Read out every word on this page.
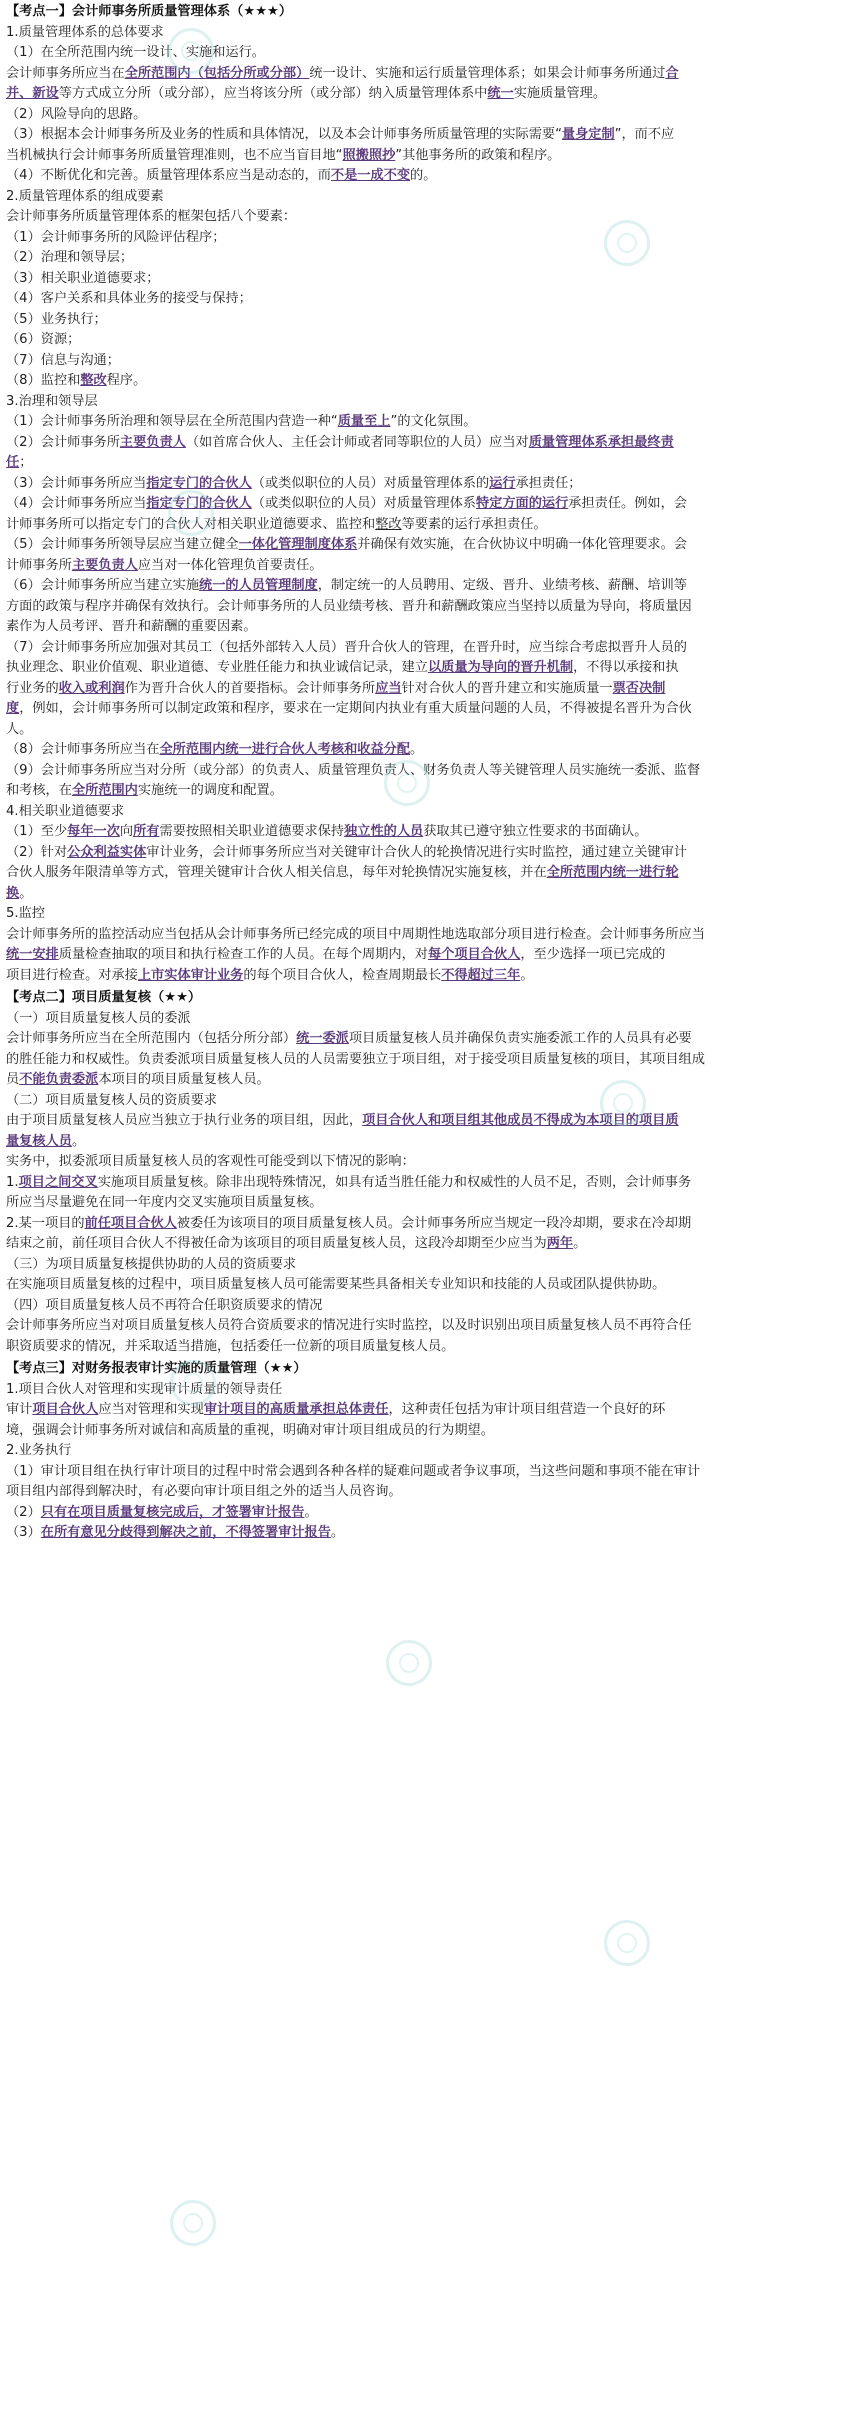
【考点一】会计师事务所质量管理体系（★★★）

1.质量管理体系的总体要求

（1）在全所范围内统一设计、实施和运行。

会计师事务所应当在全所范围内（包括分所或分部）统一设计、实施和运行质量管理体系；如果会计师事务所通过合

并、新设等方式成立分所（或分部），应当将该分所（或分部）纳入质量管理体系中统一实施质量管理。

（2）风险导向的思路。

（3）根据本会计师事务所及业务的性质和具体情况，以及本会计师事务所质量管理的实际需要“量身定制”，而不应

当机械执行会计师事务所质量管理准则，也不应当盲目地“照搬照抄”其他事务所的政策和程序。

（4）不断优化和完善。质量管理体系应当是动态的，而不是一成不变的。

2.质量管理体系的组成要素

会计师事务所质量管理体系的框架包括八个要素：

（1）会计师事务所的风险评估程序；

（2）治理和领导层；

（3）相关职业道德要求；

（4）客户关系和具体业务的接受与保持；

（5）业务执行；

（6）资源；

（7）信息与沟通；

（8）监控和整改程序。

3.治理和领导层

（1）会计师事务所治理和领导层在全所范围内营造一种“质量至上”的文化氛围。

（2）会计师事务所主要负责人（如首席合伙人、主任会计师或者同等职位的人员）应当对质量管理体系承担最终责

任；

（3）会计师事务所应当指定专门的合伙人（或类似职位的人员）对质量管理体系的运行承担责任；

（4）会计师事务所应当指定专门的合伙人（或类似职位的人员）对质量管理体系特定方面的运行承担责任。例如，会

计师事务所可以指定专门的合伙人对相关职业道德要求、监控和整改等要素的运行承担责任。

（5）会计师事务所领导层应当建立健全一体化管理制度体系并确保有效实施，在合伙协议中明确一体化管理要求。会

计师事务所主要负责人应当对一体化管理负首要责任。

（6）会计师事务所应当建立实施统一的人员管理制度，制定统一的人员聘用、定级、晋升、业绩考核、薪酬、培训等

方面的政策与程序并确保有效执行。会计师事务所的人员业绩考核、晋升和薪酬政策应当坚持以质量为导向，将质量因

素作为人员考评、晋升和薪酬的重要因素。

（7）会计师事务所应加强对其员工（包括外部转入人员）晋升合伙人的管理，在晋升时，应当综合考虑拟晋升人员的

执业理念、职业价值观、职业道德、专业胜任能力和执业诚信记录，建立以质量为导向的晋升机制，不得以承接和执

行业务的收入或利润作为晋升合伙人的首要指标。会计师事务所应当针对合伙人的晋升建立和实施质量一票否决制

度，例如，会计师事务所可以制定政策和程序，要求在一定期间内执业有重大质量问题的人员，不得被提名晋升为合伙

人。

（8）会计师事务所应当在全所范围内统一进行合伙人考核和收益分配。

（9）会计师事务所应当对分所（或分部）的负责人、质量管理负责人、财务负责人等关键管理人员实施统一委派、监督

和考核，在全所范围内实施统一的调度和配置。

4.相关职业道德要求

（1）至少每年一次向所有需要按照相关职业道德要求保持独立性的人员获取其已遵守独立性要求的书面确认。

（2）针对公众利益实体审计业务，会计师事务所应当对关键审计合伙人的轮换情况进行实时监控，通过建立关键审计

合伙人服务年限清单等方式，管理关键审计合伙人相关信息，每年对轮换情况实施复核，并在全所范围内统一进行轮

换。

5.监控

会计师事务所的监控活动应当包括从会计师事务所已经完成的项目中周期性地选取部分项目进行检查。会计师事务所应当

统一安排质量检查抽取的项目和执行检查工作的人员。在每个周期内，对每个项目合伙人，至少选择一项已完成的

项目进行检查。对承接上市实体审计业务的每个项目合伙人，检查周期最长不得超过三年。

【考点二】项目质量复核（★★）

（一）项目质量复核人员的委派

会计师事务所应当在全所范围内（包括分所分部）统一委派项目质量复核人员并确保负责实施委派工作的人员具有必要

的胜任能力和权威性。负责委派项目质量复核人员的人员需要独立于项目组，对于接受项目质量复核的项目，其项目组成

员不能负责委派本项目的项目质量复核人员。

（二）项目质量复核人员的资质要求

由于项目质量复核人员应当独立于执行业务的项目组，因此，项目合伙人和项目组其他成员不得成为本项目的项目质

量复核人员。

实务中，拟委派项目质量复核人员的客观性可能受到以下情况的影响：

1.项目之间交叉实施项目质量复核。除非出现特殊情况，如具有适当胜任能力和权威性的人员不足，否则，会计师事务

所应当尽量避免在同一年度内交叉实施项目质量复核。

2.某一项目的前任项目合伙人被委任为该项目的项目质量复核人员。会计师事务所应当规定一段冷却期，要求在冷却期

结束之前，前任项目合伙人不得被任命为该项目的项目质量复核人员，这段冷却期至少应当为两年。

（三）为项目质量复核提供协助的人员的资质要求

在实施项目质量复核的过程中，项目质量复核人员可能需要某些具备相关专业知识和技能的人员或团队提供协助。

（四）项目质量复核人员不再符合任职资质要求的情况

会计师事务所应当对项目质量复核人员符合资质要求的情况进行实时监控，以及时识别出项目质量复核人员不再符合任

职资质要求的情况，并采取适当措施，包括委任一位新的项目质量复核人员。

【考点三】对财务报表审计实施的质量管理（★★）

1.项目合伙人对管理和实现审计质量的领导责任

审计项目合伙人应当对管理和实现审计项目的高质量承担总体责任，这种责任包括为审计项目组营造一个良好的环

境，强调会计师事务所对诚信和高质量的重视，明确对审计项目组成员的行为期望。

2.业务执行

（1）审计项目组在执行审计项目的过程中时常会遇到各种各样的疑难问题或者争议事项，当这些问题和事项不能在审计

项目组内部得到解决时，有必要向审计项目组之外的适当人员咨询。

（2）只有在项目质量复核完成后，才签署审计报告。

（3）在所有意见分歧得到解决之前，不得签署审计报告。
